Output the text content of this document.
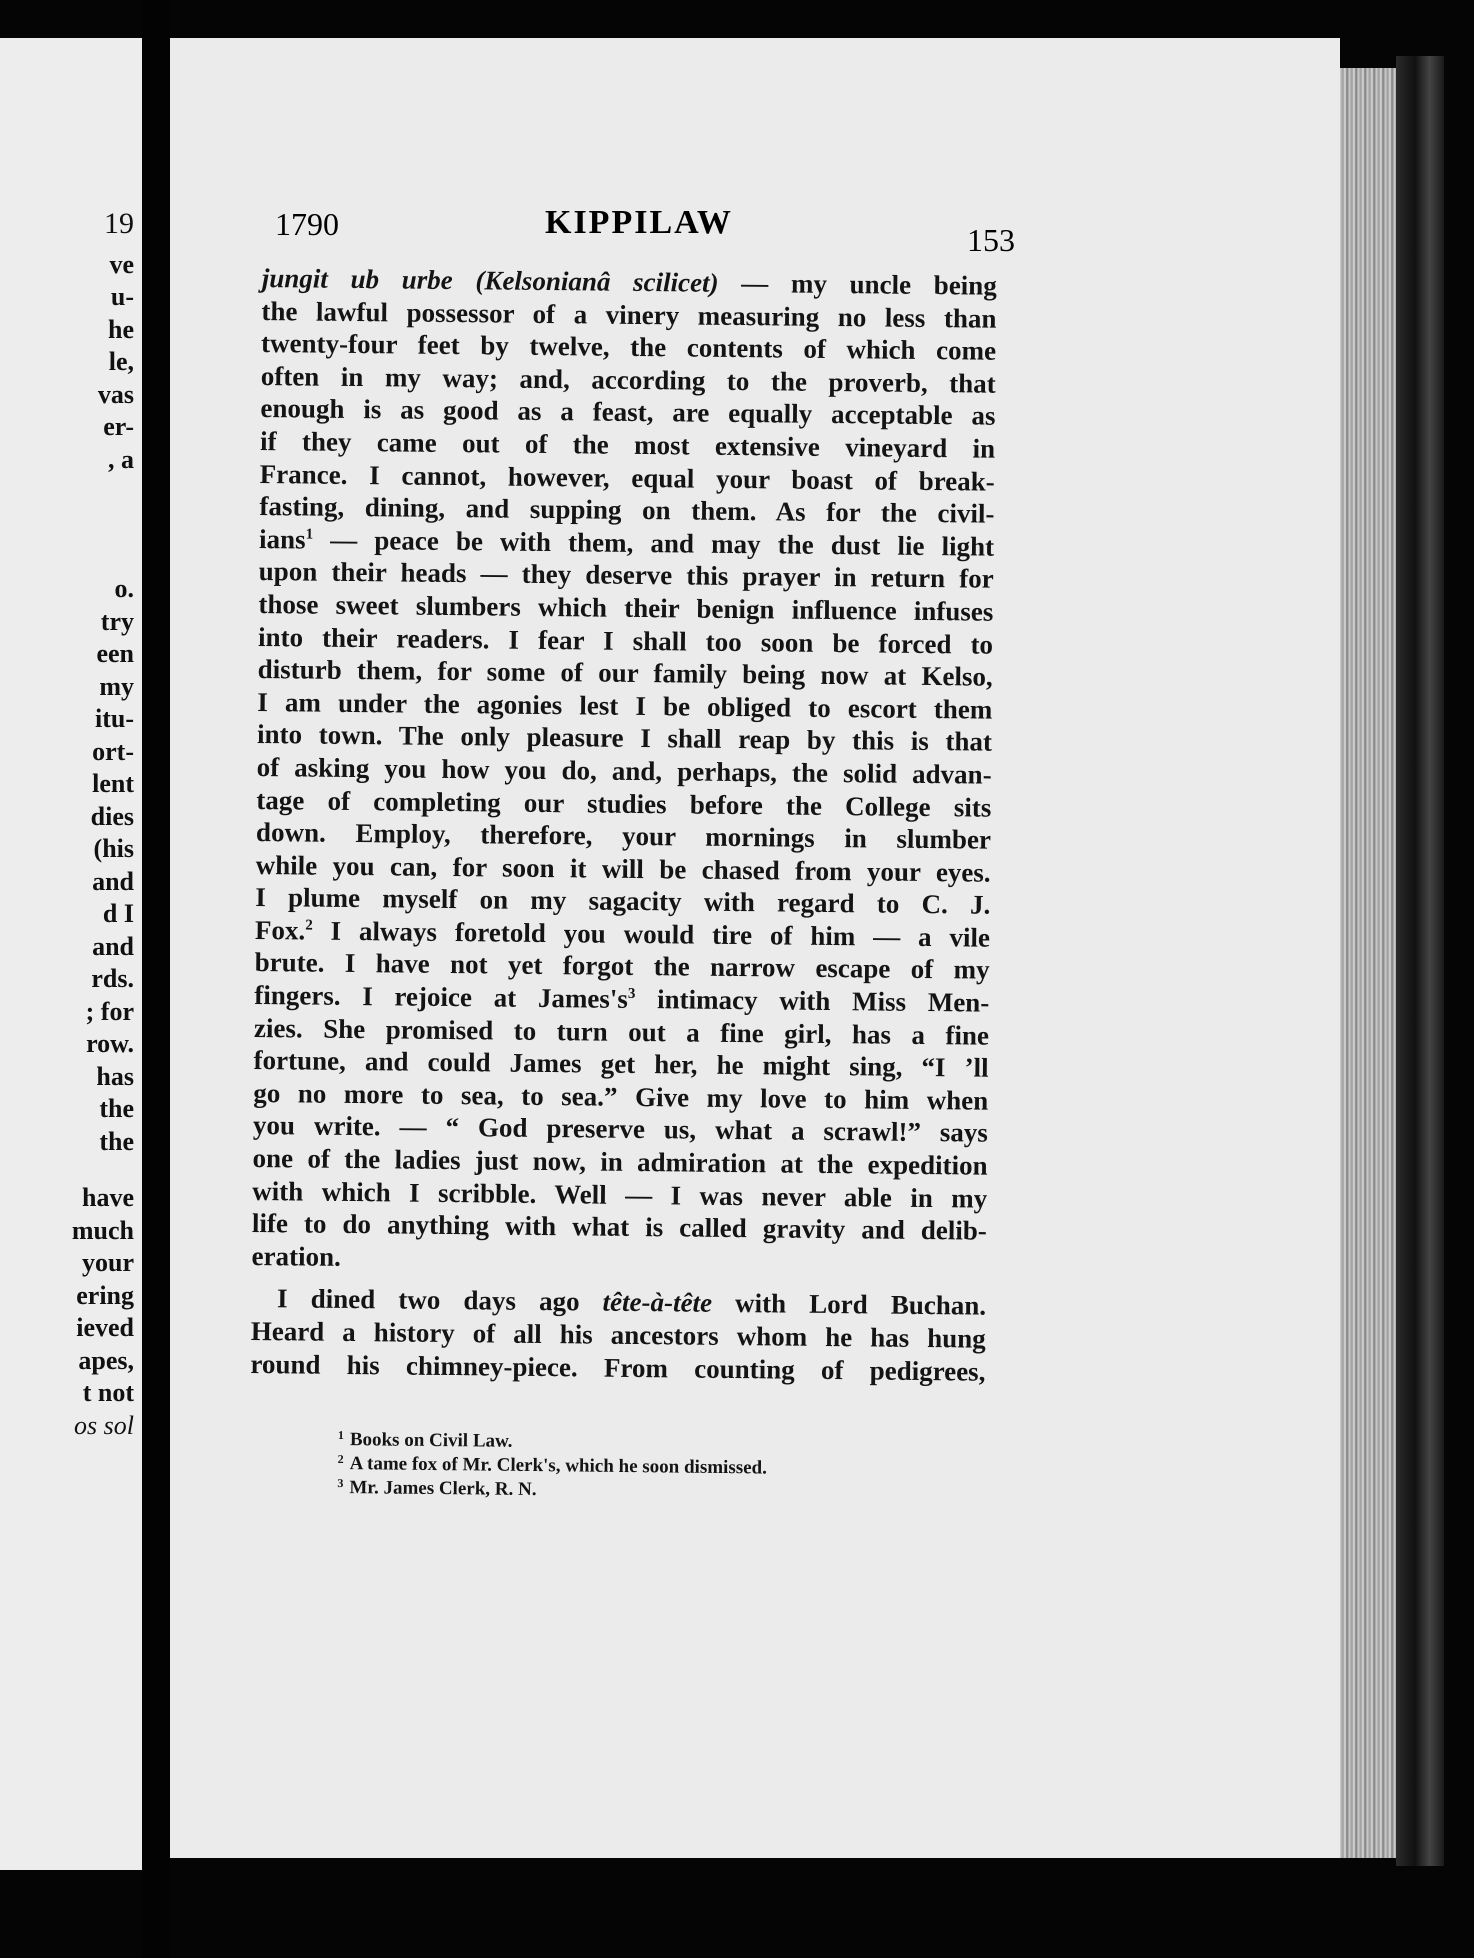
19
ve
u-
he
le,
vas
er-
, a
o.
try
een
my
itu-
ort-
lent
dies
(his
and
d I
and
rds.
; for
row.
has
the
the
have
much
your
ering
ieved
apes,
t not
os sol
1790	KIPPILAW	153
jungit ub urbe (Kelsonianâ scilicet) — my uncle being
the lawful possessor of a vinery measuring no less than
twenty-four feet by twelve, the contents of which come
often in my way; and, according to the proverb, that
enough is as good as a feast, are equally acceptable as
if they came out of the most extensive vineyard in
France. I cannot, however, equal your boast of break-
fasting, dining, and supping on them. As for the civil-
ians$^1$ — peace be with them, and may the dust lie light
upon their heads — they deserve this prayer in return for
those sweet slumbers which their benign influence infuses
into their readers. I fear I shall too soon be forced to
disturb them, for some of our family being now at Kelso,
I am under the agonies lest I be obliged to escort them
into town. The only pleasure I shall reap by this is that
of asking you how you do, and, perhaps, the solid advan-
tage of completing our studies before the College sits
down. Employ, therefore, your mornings in slumber
while you can, for soon it will be chased from your eyes.
I plume myself on my sagacity with regard to C. J.
Fox.$^2$ I always foretold you would tire of him — a vile
brute. I have not yet forgot the narrow escape of my
fingers. I rejoice at $James's^3$ intimacy with Miss Men-
zies. She promised to turn out a fine girl, has a fine
fortune, and could James get her, he might sing, “I ’ll
go no more to sea, to sea.” Give my love to him when
you write. — “ God preserve us, what a scrawl!” says
one of the ladies just now, in admiration at the expedition
with which I scribble. Well — I was never able in my
life to do anything with what is called gravity and delib-
eration.
I dined two days ago tête-à-tête with Lord Buchan.
Heard a history of all his ancestors whom he has hung
round his chimney-piece. From counting of pedigrees,
$^1$ Books on Civil Law.
$^2$ A tame fox of Mr. Clerk's, which he soon dismissed.
$^3$ Mr. James Clerk, R. N.
